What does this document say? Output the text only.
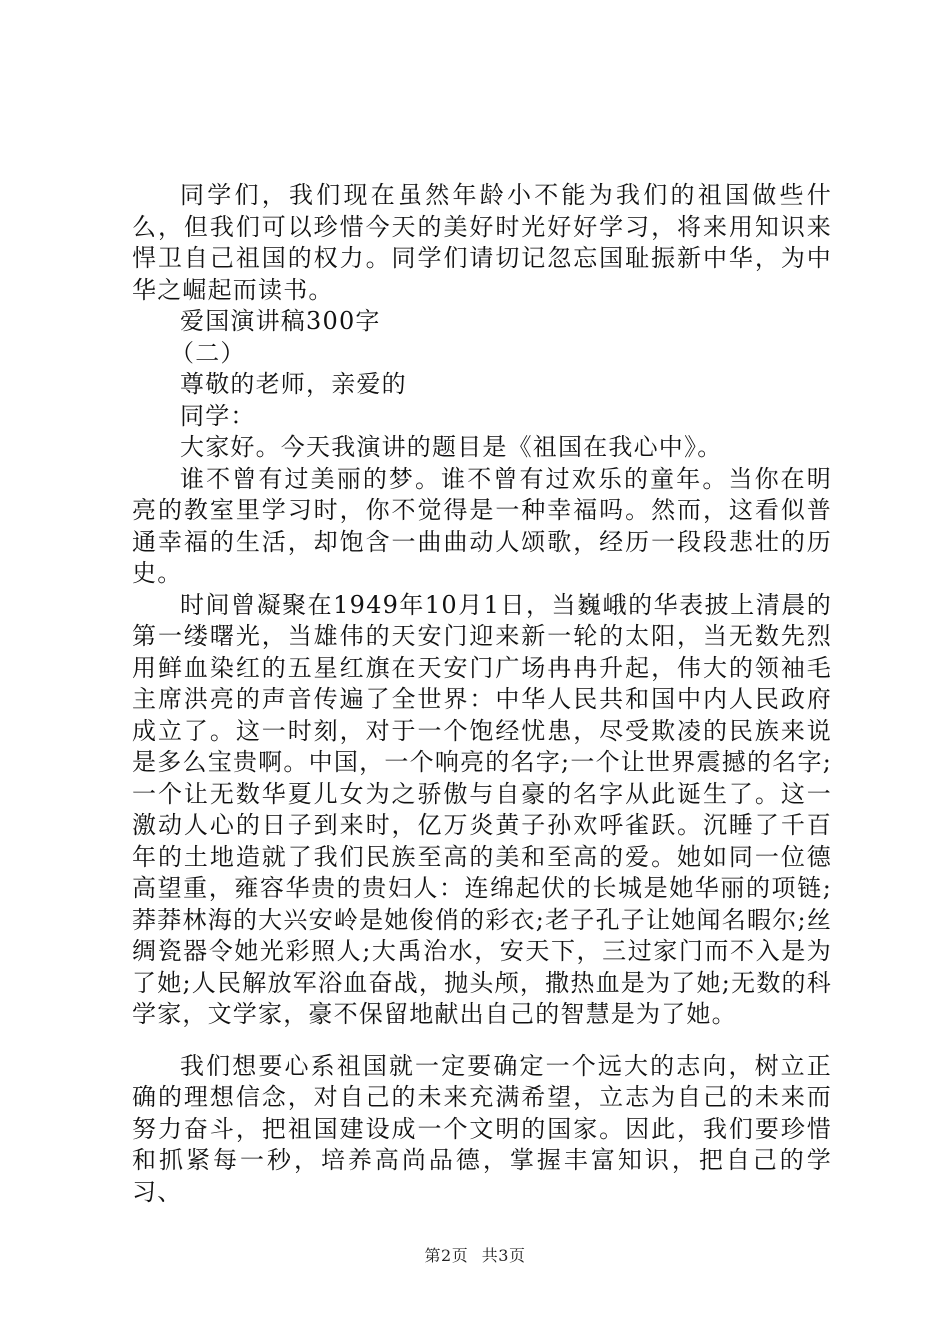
同学们，我们现在虽然年龄小不能为我们的祖国做些什么，但我们可以珍惜今天的美好时光好好学习，将来用知识来悍卫自己祖国的权力。同学们请切记忽忘国耻振新中华，为中华之崛起而读书。

爱国演讲稿300字

（二）

尊敬的老师，亲爱的

同学：

大家好。今天我演讲的题目是《祖国在我心中》。

谁不曾有过美丽的梦。谁不曾有过欢乐的童年。当你在明亮的教室里学习时，你不觉得是一种幸福吗。然而，这看似普通幸福的生活，却饱含一曲曲动人颂歌，经历一段段悲壮的历史。

时间曾凝聚在1949年10月1日，当巍峨的华表披上清晨的第一缕曙光，当雄伟的天安门迎来新一轮的太阳，当无数先烈用鲜血染红的五星红旗在天安门广场冉冉升起，伟大的领袖毛主席洪亮的声音传遍了全世界：中华人民共和国中内人民政府成立了。这一时刻，对于一个饱经忧患，尽受欺凌的民族来说是多么宝贵啊。中国，一个响亮的名字;一个让世界震撼的名字;一个让无数华夏儿女为之骄傲与自豪的名字从此诞生了。这一激动人心的日子到来时，亿万炎黄子孙欢呼雀跃。沉睡了千百年的土地造就了我们民族至高的美和至高的爱。她如同一位德高望重，雍容华贵的贵妇人：连绵起伏的长城是她华丽的项链;莽莽林海的大兴安岭是她俊俏的彩衣;老子孔子让她闻名暇尔;丝绸瓷器令她光彩照人;大禹治水，安天下，三过家门而不入是为了她;人民解放军浴血奋战，抛头颅，撒热血是为了她;无数的科学家，文学家，豪不保留地献出自己的智慧是为了她。

我们想要心系祖国就一定要确定一个远大的志向，树立正确的理想信念，对自己的未来充满希望，立志为自己的未来而努力奋斗，把祖国建设成一个文明的国家。因此，我们要珍惜和抓紧每一秒，培养高尚品德，掌握丰富知识，把自己的学习、

第2页 共3页
